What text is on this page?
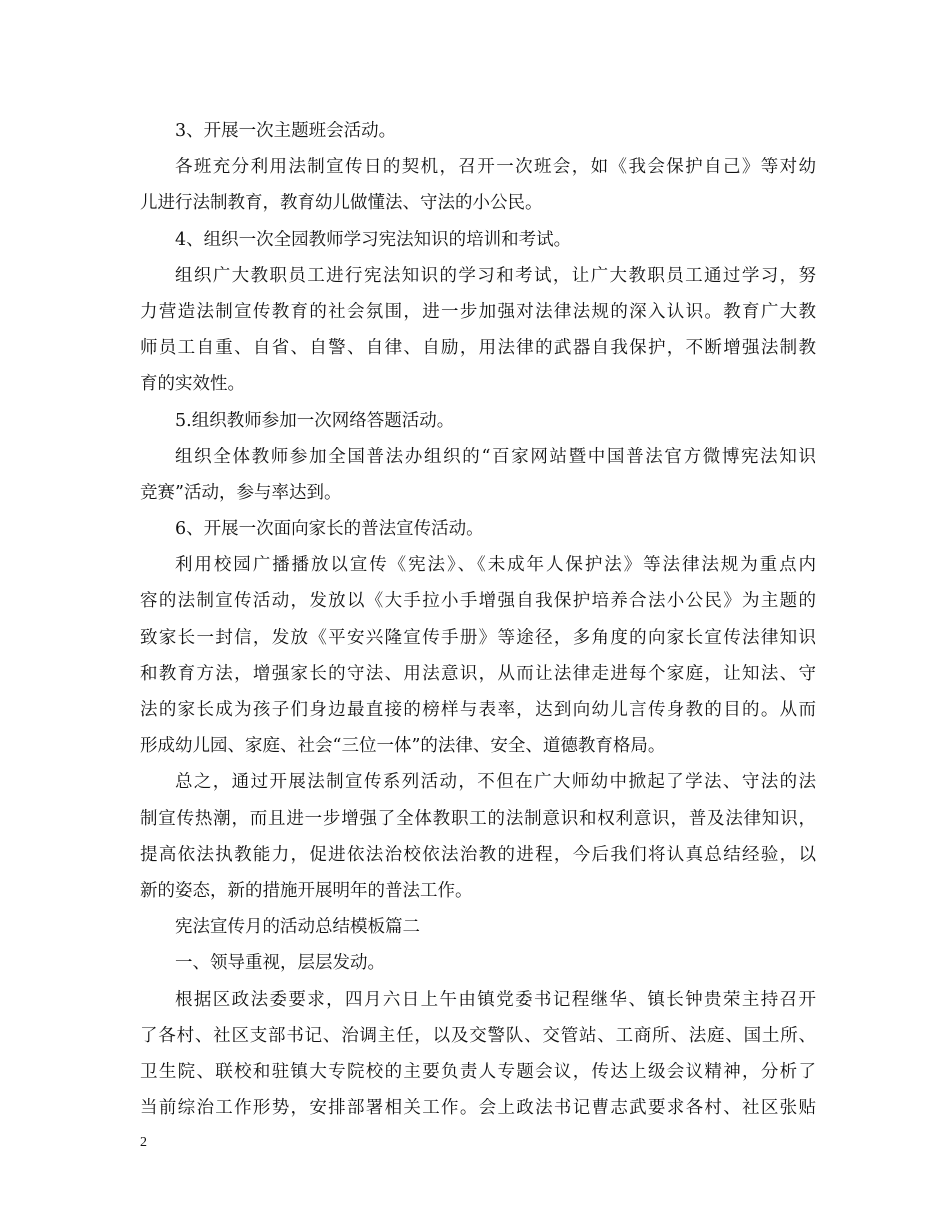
3、开展一次主题班会活动。
各班充分利用法制宣传日的契机，召开一次班会，如《我会保护自己》等对幼
儿进行法制教育，教育幼儿做懂法、守法的小公民。
4、组织一次全园教师学习宪法知识的培训和考试。
组织广大教职员工进行宪法知识的学习和考试，让广大教职员工通过学习，努
力营造法制宣传教育的社会氛围，进一步加强对法律法规的深入认识。教育广大教
师员工自重、自省、自警、自律、自励，用法律的武器自我保护，不断增强法制教
育的实效性。
5.组织教师参加一次网络答题活动。
组织全体教师参加全国普法办组织的“百家网站暨中国普法官方微博宪法知识
竞赛”活动，参与率达到。
6、开展一次面向家长的普法宣传活动。
利用校园广播播放以宣传《宪法》、《未成年人保护法》等法律法规为重点内
容的法制宣传活动，发放以《大手拉小手增强自我保护培养合法小公民》为主题的
致家长一封信，发放《平安兴隆宣传手册》等途径，多角度的向家长宣传法律知识
和教育方法，增强家长的守法、用法意识，从而让法律走进每个家庭，让知法、守
法的家长成为孩子们身边最直接的榜样与表率，达到向幼儿言传身教的目的。从而
形成幼儿园、家庭、社会“三位一体”的法律、安全、道德教育格局。
总之，通过开展法制宣传系列活动，不但在广大师幼中掀起了学法、守法的法
制宣传热潮，而且进一步增强了全体教职工的法制意识和权利意识，普及法律知识，
提高依法执教能力，促进依法治校依法治教的进程，今后我们将认真总结经验，以
新的姿态，新的措施开展明年的普法工作。
宪法宣传月的活动总结模板篇二
一、领导重视，层层发动。
根据区政法委要求，四月六日上午由镇党委书记程继华、镇长钟贵荣主持召开
了各村、社区支部书记、治调主任，以及交警队、交管站、工商所、法庭、国土所、
卫生院、联校和驻镇大专院校的主要负责人专题会议，传达上级会议精神，分析了
当前综治工作形势，安排部署相关工作。会上政法书记曹志武要求各村、社区张贴
2
